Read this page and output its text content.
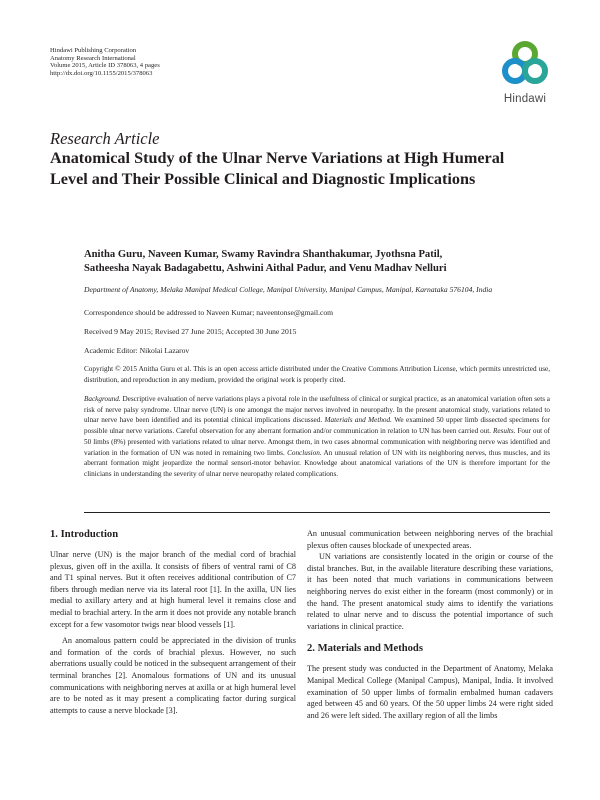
Hindawi Publishing Corporation
Anatomy Research International
Volume 2015, Article ID 378063, 4 pages
http://dx.doi.org/10.1155/2015/378063
Hindawi
Research Article
Anatomical Study of the Ulnar Nerve Variations at High Humeral Level and Their Possible Clinical and Diagnostic Implications
Anitha Guru, Naveen Kumar, Swamy Ravindra Shanthakumar, Jyothsna Patil,
Satheesha Nayak Badagabettu, Ashwini Aithal Padur, and Venu Madhav Nelluri
Department of Anatomy, Melaka Manipal Medical College, Manipal University, Manipal Campus, Manipal, Karnataka 576104, India
Correspondence should be addressed to Naveen Kumar; naveentonse@gmail.com
Received 9 May 2015; Revised 27 June 2015; Accepted 30 June 2015
Academic Editor: Nikolai Lazarov
Copyright © 2015 Anitha Guru et al. This is an open access article distributed under the Creative Commons Attribution License, which permits unrestricted use, distribution, and reproduction in any medium, provided the original work is properly cited.
Background. Descriptive evaluation of nerve variations plays a pivotal role in the usefulness of clinical or surgical practice, as an anatomical variation often sets a risk of nerve palsy syndrome. Ulnar nerve (UN) is one amongst the major nerves involved in neuropathy. In the present anatomical study, variations related to ulnar nerve have been identified and its potential clinical implications discussed. Materials and Method. We examined 50 upper limb dissected specimens for possible ulnar nerve variations. Careful observation for any aberrant formation and/or communication in relation to UN has been carried out. Results. Four out of 50 limbs (8%) presented with variations related to ulnar nerve. Amongst them, in two cases abnormal communication with neighboring nerve was identified and variation in the formation of UN was noted in remaining two limbs. Conclusion. An unusual relation of UN with its neighboring nerves, thus muscles, and its aberrant formation might jeopardize the normal sensori-motor behavior. Knowledge about anatomical variations of the UN is therefore important for the clinicians in understanding the severity of ulnar nerve neuropathy related complications.
1. Introduction

Ulnar nerve (UN) is the major branch of the medial cord of brachial plexus, given off in the axilla. It consists of fibers of ventral rami of C8 and T1 spinal nerves. But it often receives additional contribution of C7 fibers through median nerve via its lateral root [1]. In the axilla, UN lies medial to axillary artery and at high humeral level it remains close and medial to brachial artery. In the arm it does not provide any notable branch except for a few vasomotor twigs near blood vessels [1].

An anomalous pattern could be appreciated in the division of trunks and formation of the cords of brachial plexus. However, no such aberrations usually could be noticed in the subsequent arrangement of their terminal branches [2]. Anomalous formations of UN and its unusual communications with neighboring nerves at axilla or at high humeral level are to be noted as it may present a complicating factor during surgical attempts to cause a nerve blockade [3].

An unusual communication between neighboring nerves of the brachial plexus often causes blockade of unexpected areas.

UN variations are consistently located in the origin or course of the distal branches. But, in the available literature describing these variations, it has been noted that much variations in communications between neighboring nerves do exist either in the forearm (most commonly) or in the hand. The present anatomical study aims to identify the variations related to ulnar nerve and to discuss the potential importance of such variations in clinical practice.

2. Materials and Methods

The present study was conducted in the Department of Anatomy, Melaka Manipal Medical College (Manipal Campus), Manipal, India. It involved examination of 50 upper limbs of formalin embalmed human cadavers aged between 45 and 60 years. Of the 50 upper limbs 24 were right sided and 26 were left sided. The axillary region of all the limbs
